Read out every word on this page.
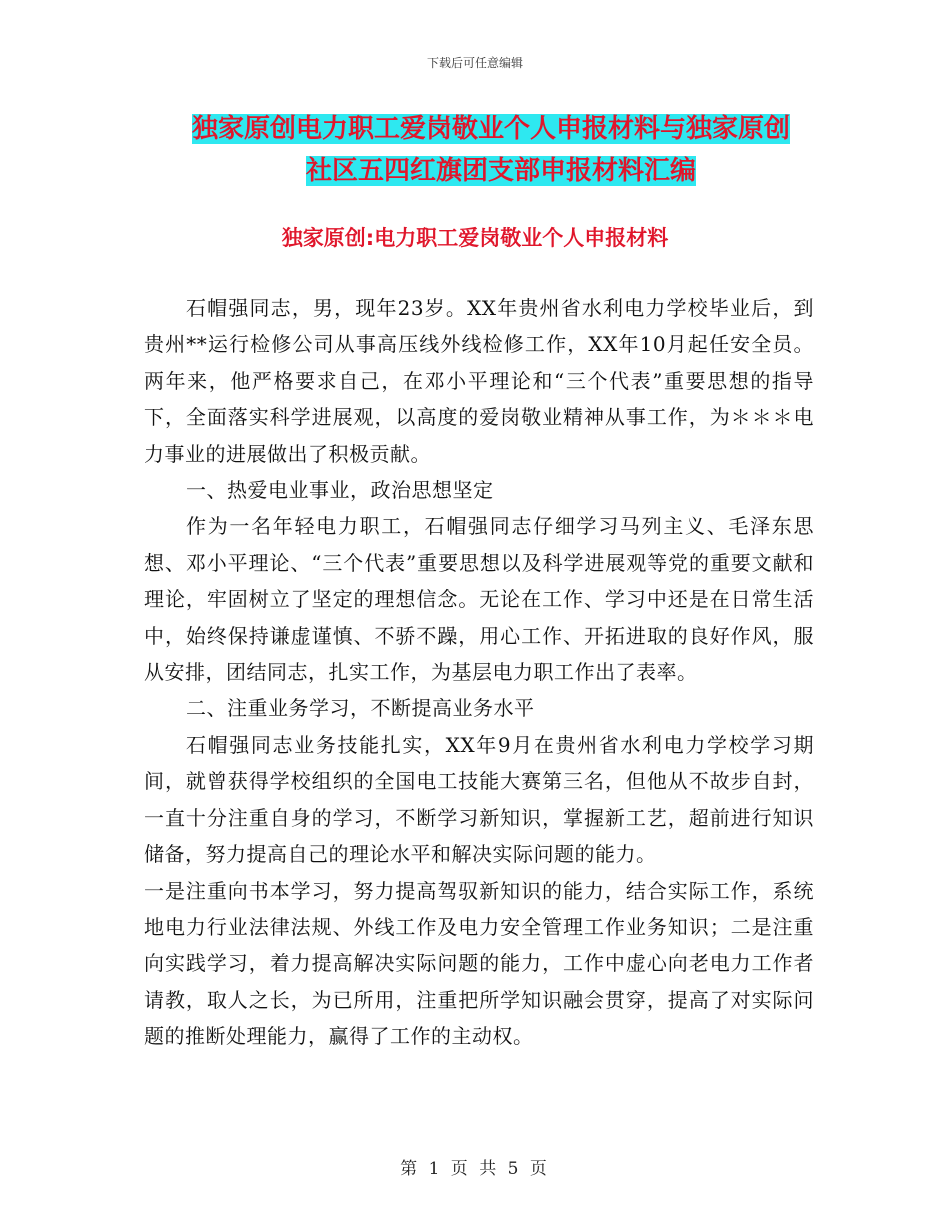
下载后可任意编辑
独家原创电力职工爱岗敬业个人申报材料与独家原创
社区五四红旗团支部申报材料汇编
独家原创:电力职工爱岗敬业个人申报材料

石帽强同志，男，现年23岁。XX年贵州省水利电力学校毕业后，到贵州**运行检修公司从事高压线外线检修工作，XX年10月起任安全员。两年来，他严格要求自己，在邓小平理论和“三个代表”重要思想的指导下，全面落实科学进展观，以高度的爱岗敬业精神从事工作，为＊＊＊电力事业的进展做出了积极贡献。

一、热爱电业事业，政治思想坚定

作为一名年轻电力职工，石帽强同志仔细学习马列主义、毛泽东思想、邓小平理论、“三个代表”重要思想以及科学进展观等党的重要文献和理论，牢固树立了坚定的理想信念。无论在工作、学习中还是在日常生活中，始终保持谦虚谨慎、不骄不躁，用心工作、开拓进取的良好作风，服从安排，团结同志，扎实工作，为基层电力职工作出了表率。

二、注重业务学习，不断提高业务水平

石帽强同志业务技能扎实，XX年9月在贵州省水利电力学校学习期间，就曾获得学校组织的全国电工技能大赛第三名，但他从不故步自封，一直十分注重自身的学习，不断学习新知识，掌握新工艺，超前进行知识储备，努力提高自己的理论水平和解决实际问题的能力。

一是注重向书本学习，努力提高驾驭新知识的能力，结合实际工作，系统地电力行业法律法规、外线工作及电力安全管理工作业务知识；二是注重向实践学习，着力提高解决实际问题的能力，工作中虚心向老电力工作者请教，取人之长，为已所用，注重把所学知识融会贯穿，提高了对实际问题的推断处理能力，赢得了工作的主动权。

第 1 页 共 5 页
